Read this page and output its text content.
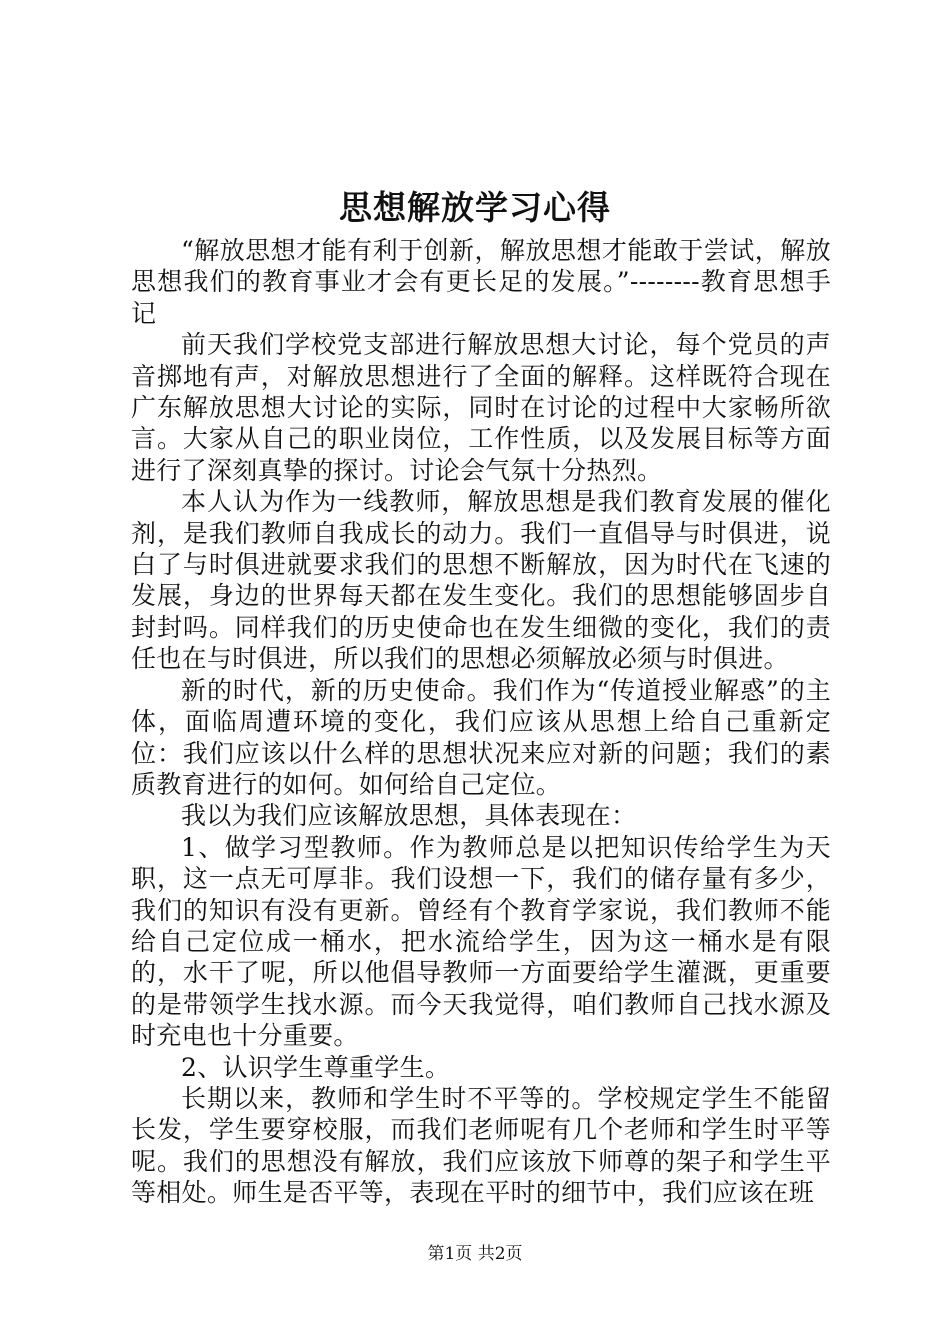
思想解放学习心得

“解放思想才能有利于创新，解放思想才能敢于尝试，解放思想我们的教育事业才会有更长足的发展。”--------教育思想手记

前天我们学校党支部进行解放思想大讨论，每个党员的声音掷地有声，对解放思想进行了全面的解释。这样既符合现在广东解放思想大讨论的实际，同时在讨论的过程中大家畅所欲言。大家从自己的职业岗位，工作性质，以及发展目标等方面进行了深刻真挚的探讨。讨论会气氛十分热烈。

本人认为作为一线教师，解放思想是我们教育发展的催化剂，是我们教师自我成长的动力。我们一直倡导与时俱进，说白了与时俱进就要求我们的思想不断解放，因为时代在飞速的发展，身边的世界每天都在发生变化。我们的思想能够固步自封封吗。同样我们的历史使命也在发生细微的变化，我们的责任也在与时俱进，所以我们的思想必须解放必须与时俱进。

新的时代，新的历史使命。我们作为“传道授业解惑”的主体，面临周遭环境的变化，我们应该从思想上给自己重新定位：我们应该以什么样的思想状况来应对新的问题；我们的素质教育进行的如何。如何给自己定位。

我以为我们应该解放思想，具体表现在：

1、做学习型教师。作为教师总是以把知识传给学生为天职，这一点无可厚非。我们设想一下，我们的储存量有多少，我们的知识有没有更新。曾经有个教育学家说，我们教师不能给自己定位成一桶水，把水流给学生，因为这一桶水是有限的，水干了呢，所以他倡导教师一方面要给学生灌溉，更重要的是带领学生找水源。而今天我觉得，咱们教师自己找水源及时充电也十分重要。

2、认识学生尊重学生。

长期以来，教师和学生时不平等的。学校规定学生不能留长发，学生要穿校服，而我们老师呢有几个老师和学生时平等呢。我们的思想没有解放，我们应该放下师尊的架子和学生平等相处。师生是否平等，表现在平时的细节中，我们应该在班

第1页 共2页
